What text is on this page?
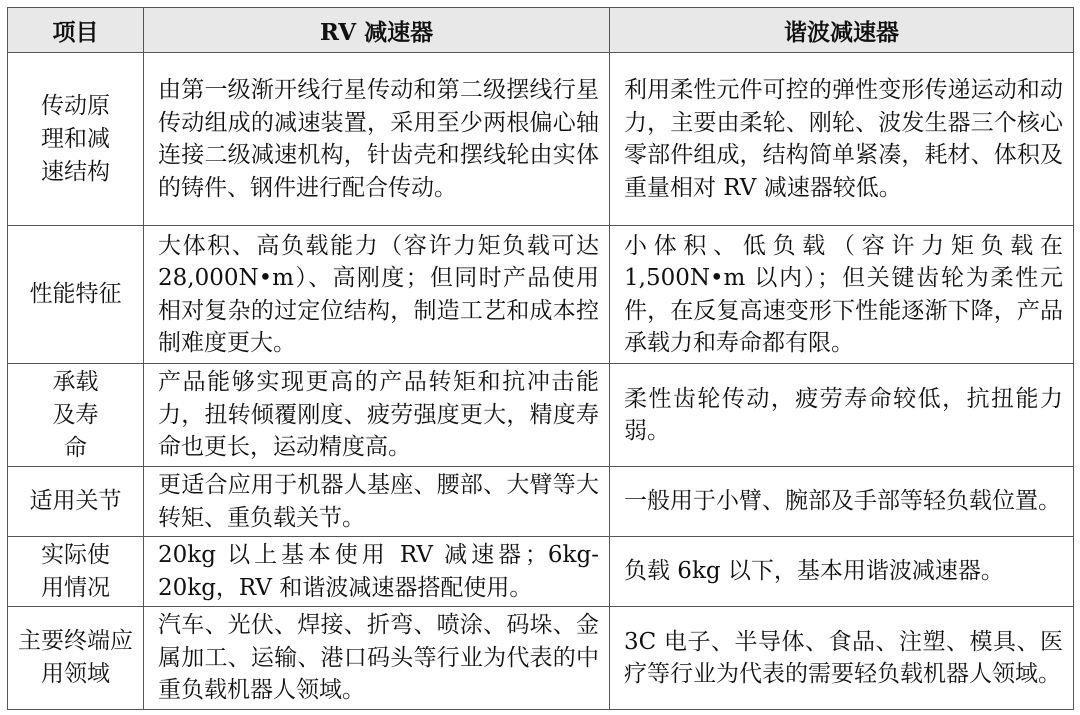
项目	RV 减速器	谐波减速器
传动原理和减速结构	由第一级渐开线行星传动和第二级摆线行星传动组成的减速装置，采用至少两根偏心轴连接二级减速机构，针齿壳和摆线轮由实体的铸件、钢件进行配合传动。	利用柔性元件可控的弹性变形传递运动和动力，主要由柔轮、刚轮、波发生器三个核心零部件组成，结构简单紧凑，耗材、体积及重量相对 RV 减速器较低。
性能特征	大体积、高负载能力（容许力矩负载可达 28,000N•m）、高刚度；但同时产品使用相对复杂的过定位结构，制造工艺和成本控制难度更大。	小体积、低负载（容许力矩负载在 1,500N•m 以内）；但关键齿轮为柔性元件，在反复高速变形下性能逐渐下降，产品承载力和寿命都有限。
承载及寿命	产品能够实现更高的产品转矩和抗冲击能力，扭转倾覆刚度、疲劳强度更大，精度寿命也更长，运动精度高。	柔性齿轮传动，疲劳寿命较低，抗扭能力弱。
适用关节	更适合应用于机器人基座、腰部、大臂等大转矩、重负载关节。	一般用于小臂、腕部及手部等轻负载位置。
实际使用情况	20kg 以上基本使用 RV 减速器；6kg-20kg，RV 和谐波减速器搭配使用。	负载 6kg 以下，基本用谐波减速器。
主要终端应用领域	汽车、光伏、焊接、折弯、喷涂、码垛、金属加工、运输、港口码头等行业为代表的中重负载机器人领域。	3C 电子、半导体、食品、注塑、模具、医疗等行业为代表的需要轻负载机器人领域。
